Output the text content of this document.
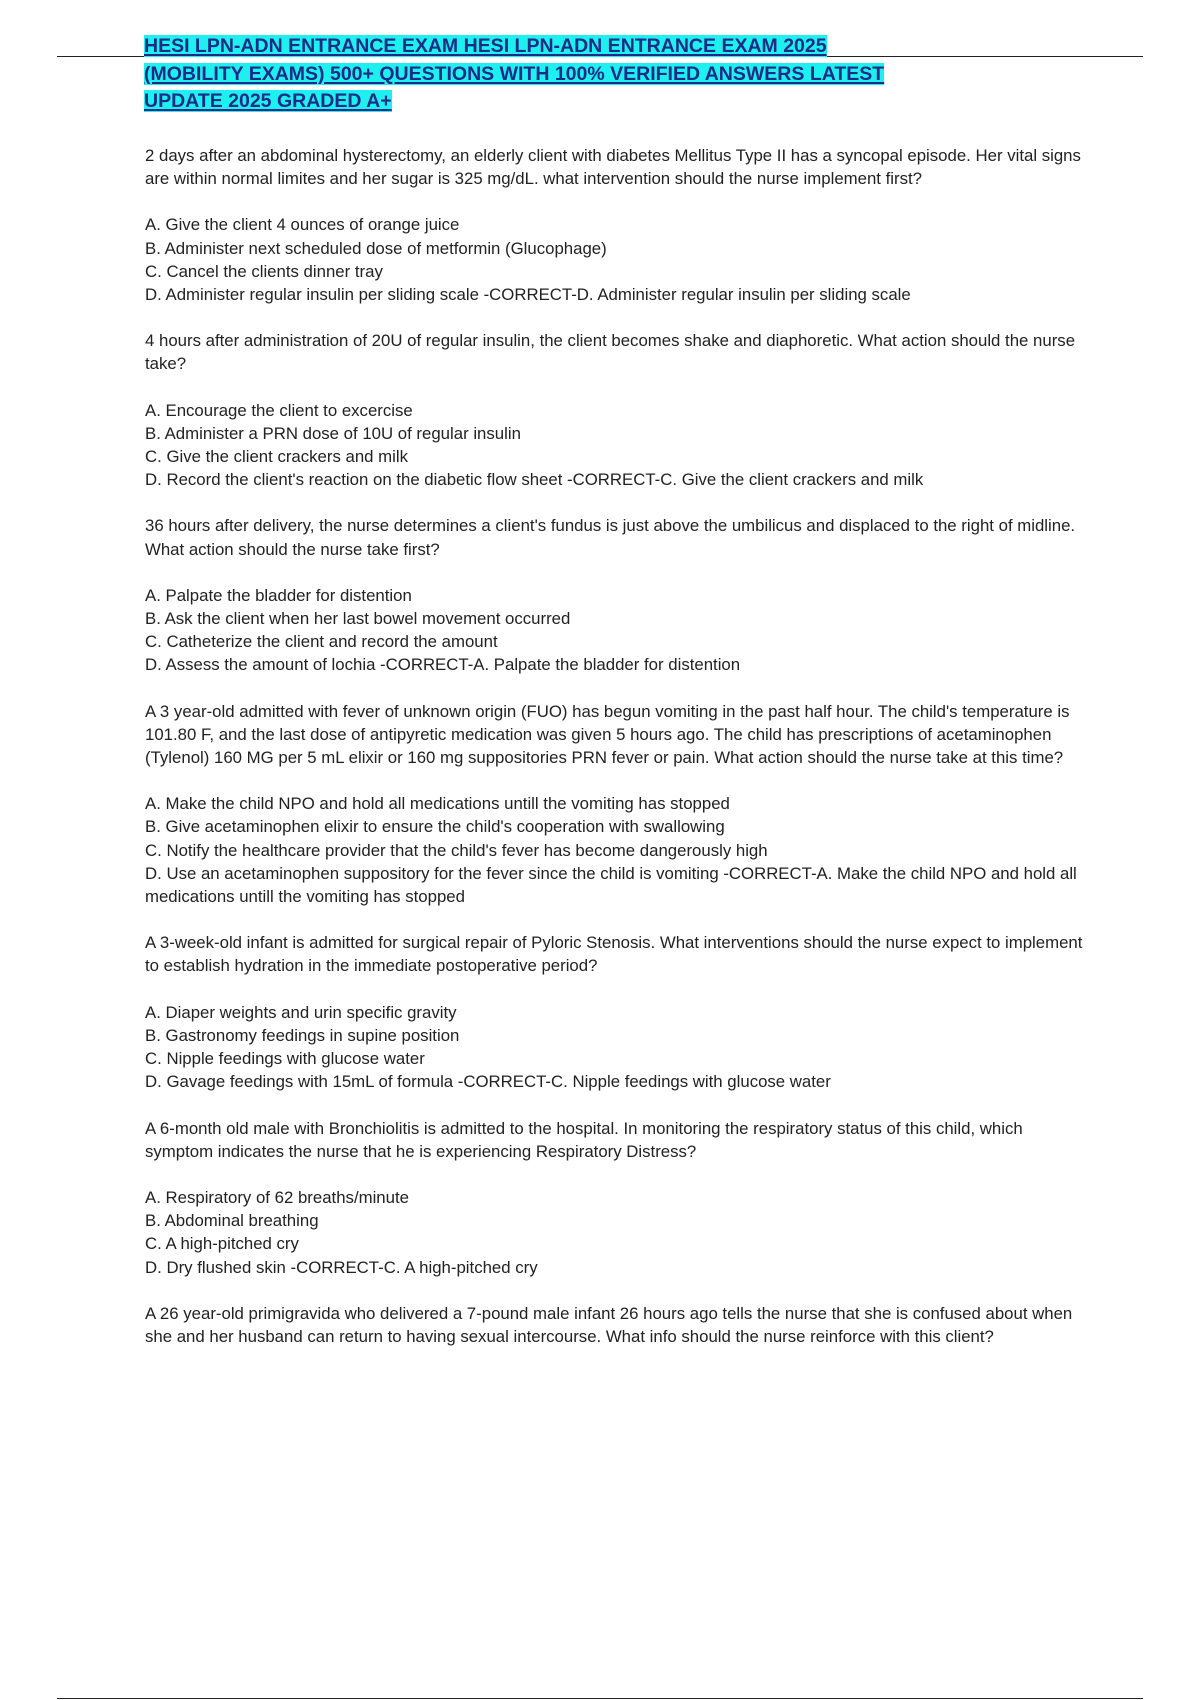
HESI LPN-ADN ENTRANCE EXAM HESI LPN-ADN ENTRANCE EXAM 2025
(MOBILITY EXAMS) 500+ QUESTIONS WITH 100% VERIFIED ANSWERS LATEST
UPDATE 2025 GRADED A+

2 days after an abdominal hysterectomy, an elderly client with diabetes Mellitus Type II has a syncopal episode. Her vital signs are within normal limites and her sugar is 325 mg/dL. what intervention should the nurse implement first?

A. Give the client 4 ounces of orange juice
B. Administer next scheduled dose of metformin (Glucophage)
C. Cancel the clients dinner tray
D. Administer regular insulin per sliding scale -CORRECT-D. Administer regular insulin per sliding scale

4 hours after administration of 20U of regular insulin, the client becomes shake and diaphoretic. What action should the nurse take?

A. Encourage the client to excercise
B. Administer a PRN dose of 10U of regular insulin
C. Give the client crackers and milk
D. Record the client's reaction on the diabetic flow sheet -CORRECT-C. Give the client crackers and milk

36 hours after delivery, the nurse determines a client's fundus is just above the umbilicus and displaced to the right of midline. What action should the nurse take first?

A. Palpate the bladder for distention
B. Ask the client when her last bowel movement occurred
C. Catheterize the client and record the amount
D. Assess the amount of lochia -CORRECT-A. Palpate the bladder for distention

A 3 year-old admitted with fever of unknown origin (FUO) has begun vomiting in the past half hour. The child's temperature is 101.80 F, and the last dose of antipyretic medication was given 5 hours ago. The child has prescriptions of acetaminophen (Tylenol) 160 MG per 5 mL elixir or 160 mg suppositories PRN fever or pain. What action should the nurse take at this time?

A. Make the child NPO and hold all medications untill the vomiting has stopped
B. Give acetaminophen elixir to ensure the child's cooperation with swallowing
C. Notify the healthcare provider that the child's fever has become dangerously high
D. Use an acetaminophen suppository for the fever since the child is vomiting -CORRECT-A. Make the child NPO and hold all medications untill the vomiting has stopped

A 3-week-old infant is admitted for surgical repair of Pyloric Stenosis. What interventions should the nurse expect to implement to establish hydration in the immediate postoperative period?

A. Diaper weights and urin specific gravity
B. Gastronomy feedings in supine position
C. Nipple feedings with glucose water
D. Gavage feedings with 15mL of formula -CORRECT-C. Nipple feedings with glucose water

A 6-month old male with Bronchiolitis is admitted to the hospital. In monitoring the respiratory status of this child, which symptom indicates the nurse that he is experiencing Respiratory Distress?

A. Respiratory of 62 breaths/minute
B. Abdominal breathing
C. A high-pitched cry
D. Dry flushed skin -CORRECT-C. A high-pitched cry

A 26 year-old primigravida who delivered a 7-pound male infant 26 hours ago tells the nurse that she is confused about when she and her husband can return to having sexual intercourse. What info should the nurse reinforce with this client?
